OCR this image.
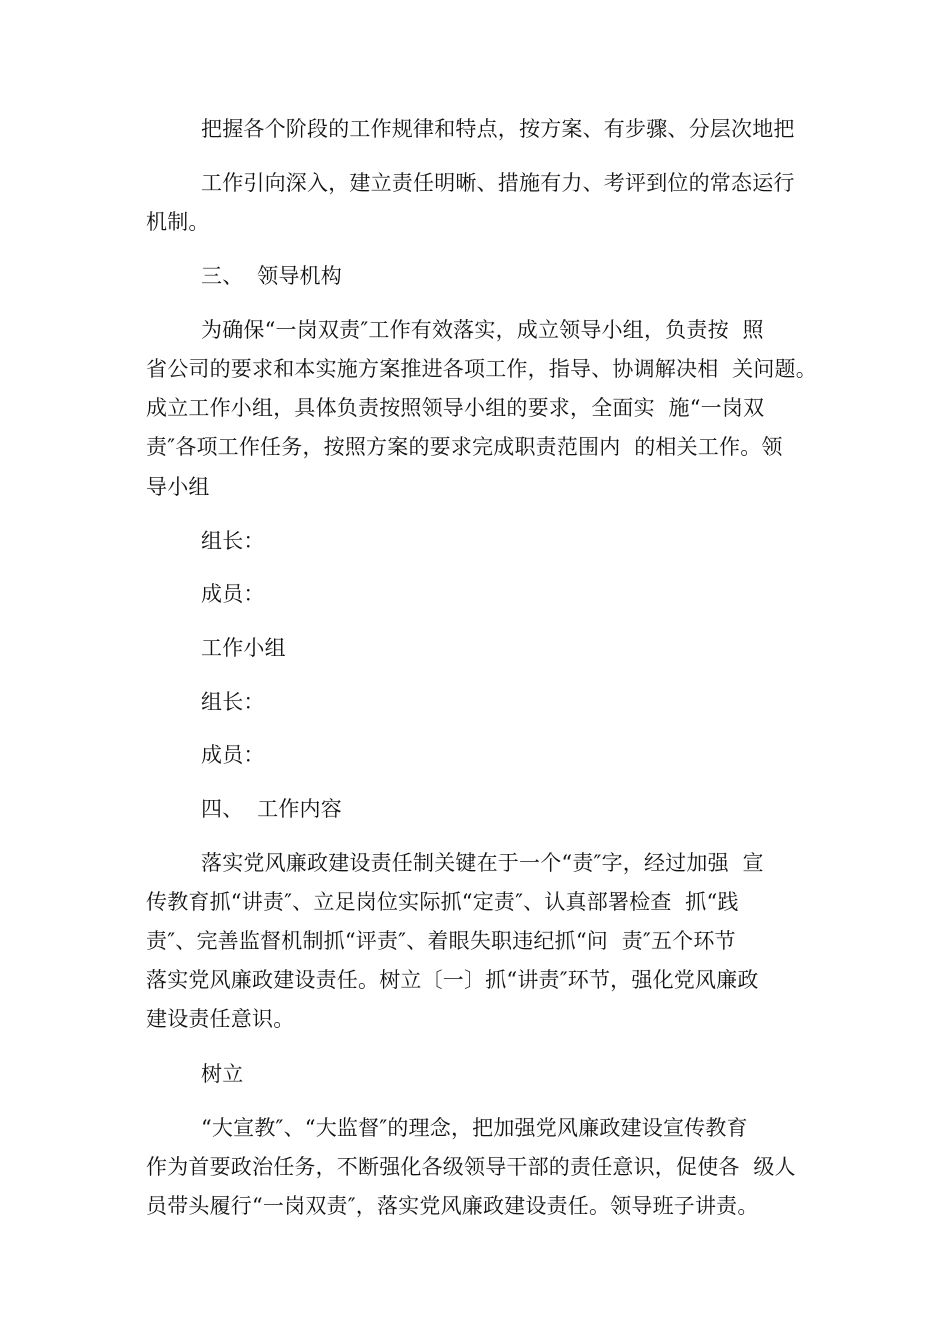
把握各个阶段的工作规律和特点，按方案、有步骤、分层次地把
工作引向深入，建立责任明晰、措施有力、考评到位的常态运行
机制。
三、  领导机构
为确保“一岗双责″工作有效落实，成立领导小组，负责按  照
省公司的要求和本实施方案推进各项工作，指导、协调解决相  关问题。
成立工作小组，具体负责按照领导小组的要求，全面实  施“一岗双
责″各项工作任务，按照方案的要求完成职责范围内  的相关工作。领
导小组
组长：
成员：
工作小组
组长：
成员：
四、  工作内容
落实党风廉政建设责任制关键在于一个“责″字，经过加强  宣
传教育抓“讲责″、立足岗位实际抓“定责″、认真部署检查  抓“践
责″、完善监督机制抓“评责″、着眼失职违纪抓“问  责″五个环节
落实党风廉政建设责任。树立〔一〕抓“讲责″环节，强化党风廉政
建设责任意识。
树立
“大宣教″、“大监督″的理念，把加强党风廉政建设宣传教育
作为首要政治任务，不断强化各级领导干部的责任意识，促使各  级人
员带头履行“一岗双责″，落实党风廉政建设责任。领导班子讲责。
